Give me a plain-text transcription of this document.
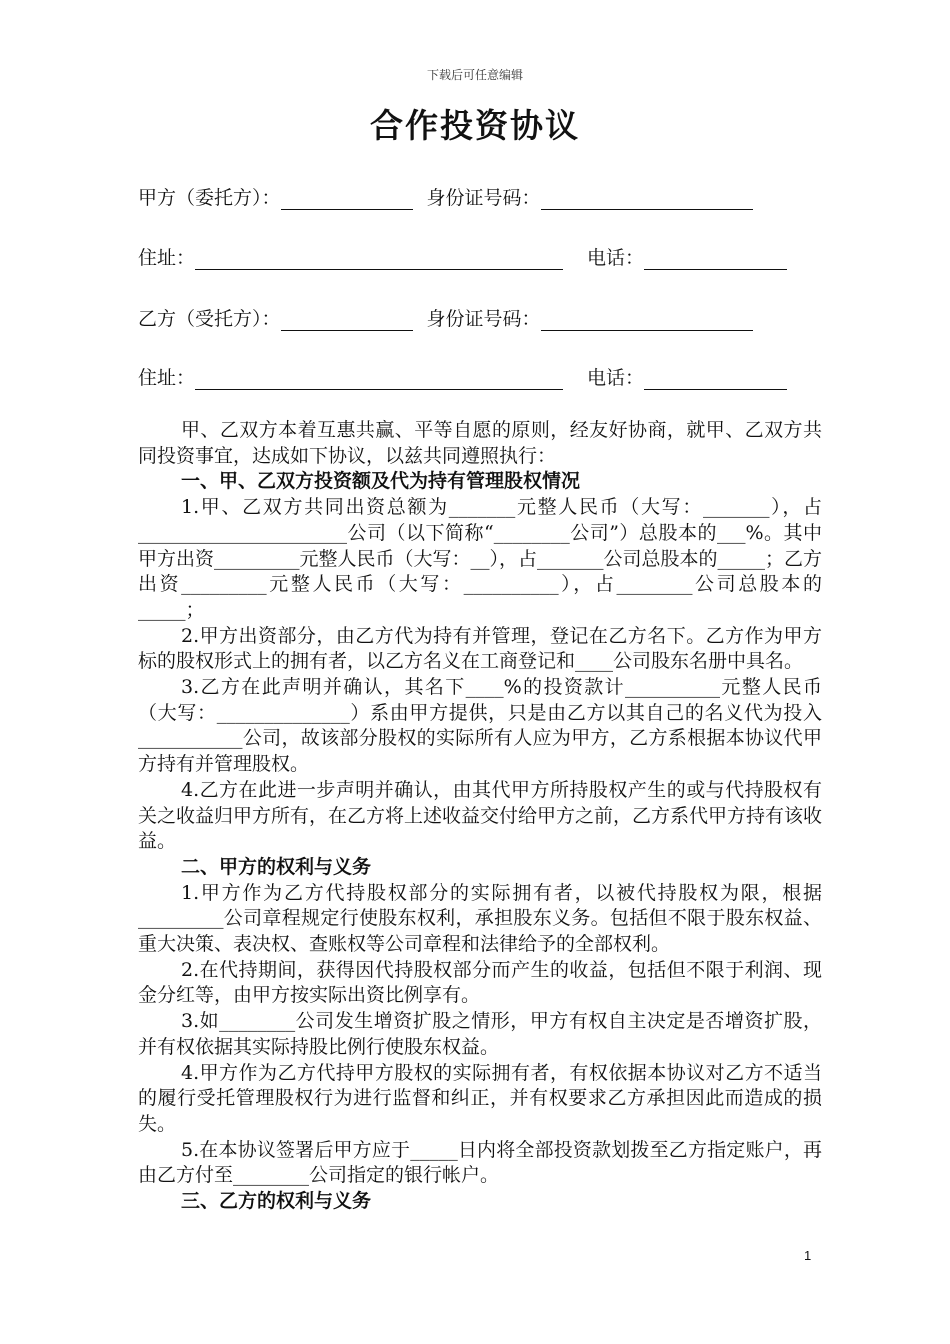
下载后可任意编辑
合作投资协议
甲方（委托方）：	身份证号码：
住址：	电话：
乙方（受托方）：	身份证号码：
住址：	电话：

甲、乙双方本着互惠共赢、平等自愿的原则，经友好协商，就甲、乙双方共同投资事宜，达成如下协议，以兹共同遵照执行：

一、甲、乙双方投资额及代为持有管理股权情况

1.甲、乙双方共同出资总额为_______元整人民币（大写：_______），占______________________公司（以下简称“________公司”）总股本的___%。其中甲方出资_________元整人民币（大写：__），占_______公司总股本的_____；乙方出资_________元整人民币（大写：__________），占________公司总股本的_____；

2.甲方出资部分，由乙方代为持有并管理，登记在乙方名下。乙方作为甲方标的股权形式上的拥有者，以乙方名义在工商登记和____公司股东名册中具名。

3.乙方在此声明并确认，其名下____%的投资款计__________元整人民币（大写：______________）系由甲方提供，只是由乙方以其自己的名义代为投入___________公司，故该部分股权的实际所有人应为甲方，乙方系根据本协议代甲方持有并管理股权。

4.乙方在此进一步声明并确认，由其代甲方所持股权产生的或与代持股权有关之收益归甲方所有，在乙方将上述收益交付给甲方之前，乙方系代甲方持有该收益。

二、甲方的权利与义务

1.甲方作为乙方代持股权部分的实际拥有者，以被代持股权为限，根据_________公司章程规定行使股东权利，承担股东义务。包括但不限于股东权益、重大决策、表决权、查账权等公司章程和法律给予的全部权利。

2.在代持期间，获得因代持股权部分而产生的收益，包括但不限于利润、现金分红等，由甲方按实际出资比例享有。

3.如________公司发生增资扩股之情形，甲方有权自主决定是否增资扩股，并有权依据其实际持股比例行使股东权益。

4.甲方作为乙方代持甲方股权的实际拥有者，有权依据本协议对乙方不适当的履行受托管理股权行为进行监督和纠正，并有权要求乙方承担因此而造成的损失。

5.在本协议签署后甲方应于_____日内将全部投资款划拨至乙方指定账户，再由乙方付至________公司指定的银行帐户。

三、乙方的权利与义务

1
